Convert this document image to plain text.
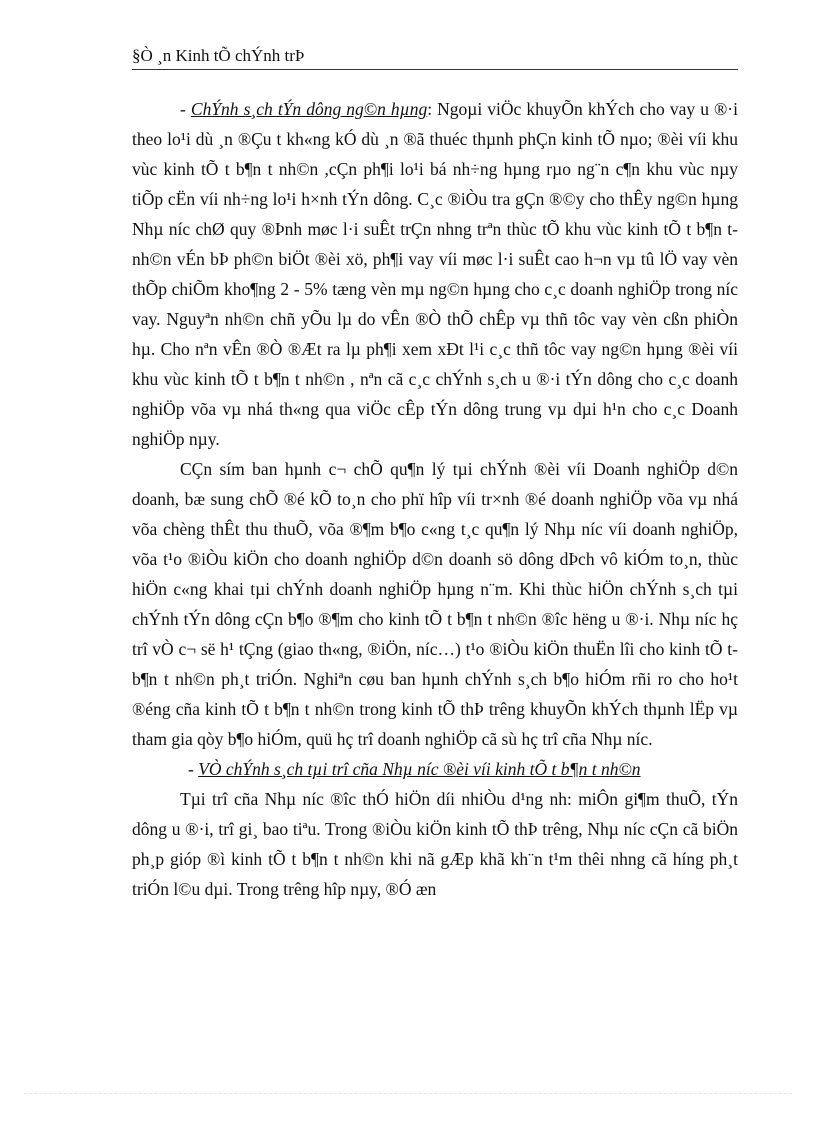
§Ò ¸n Kinh tÕ chÝnh trÞ

- ChÝnh s¸ch tÝn dông ng©n hµng: Ngoµi viÖc khuyÕn khÝch cho vay u ®·i theo lo¹i dù ¸n ®Çu t kh«ng kÓ dù ¸n ®ã thuéc thµnh phÇn kinh tÕ nµo; ®èi víi khu vùc kinh tÕ t b¶n t nh©n ,cÇn ph¶i lo¹i bá nh÷ng hµng rµo ng¨n c¶n khu vùc nµy tiÕp cËn víi nh÷ng lo¹i h×nh tÝn dông. C¸c ®iÒu tra gÇn ®©y cho thÊy ng©n hµng Nhµ níc chØ quy ®Þnh møc l·i suÊt trÇn nhng trªn thùc tÕ khu vùc kinh tÕ t b¶n t nh©n vÉn bÞ ph©n biÖt ®èi xö, ph¶i vay víi møc l·i suÊt cao h¬n vµ tû lÖ vay vèn thÕp chiÕm kho¶ng 2 - 5% tæng vèn mµ ng©n hµng cho c¸c doanh nghiÖp trong níc vay. Nguyªn nh©n chñ yÕu lµ do vÊn ®Ò thÕ chÊp vµ thñ tôc vay vèn cßn phiÒn hµ. Cho nªn vÊn ®Ò ®Æt ra lµ ph¶i xem xÐt l¹i c¸c thñ tôc vay ng©n hµng ®èi víi khu vùc kinh tÕ t b¶n t nh©n , nªn cã c¸c chÝnh s¸ch u ®·i tÝn dông cho c¸c doanh nghiÖp võa vµ nhá th«ng qua viÖc cÊp tÝn dông trung vµ dµi h¹n cho c¸c Doanh nghiÖp nµy.

CÇn sím ban hµnh c¬ chÕ qu¶n lý tµi chÝnh ®èi víi Doanh nghiÖp d©n doanh, bæ sung chÕ ®é kÕ to¸n cho phï hîp víi tr×nh ®é doanh nghiÖp võa vµ nhá võa chèng thÊt thu thuÕ, võa ®¶m b¶o c«ng t¸c qu¶n lý Nhµ níc víi doanh nghiÖp, võa t¹o ®iÒu kiÖn cho doanh nghiÖp d©n doanh sö dông dÞch vô kiÓm to¸n, thùc hiÖn c«ng khai tµi chÝnh doanh nghiÖp hµng n¨m. Khi thùc hiÖn chÝnh s¸ch tµi chÝnh tÝn dông cÇn b¶o ®¶m cho kinh tÕ t b¶n t nh©n ®îc hëng u ®·i. Nhµ níc hç trî vÒ c¬ së h¹ tÇng (giao th«ng, ®iÖn, níc…) t¹o ®iÒu kiÖn thuËn lîi cho kinh tÕ t b¶n t nh©n ph¸t triÓn. Nghiªn cøu ban hµnh chÝnh s¸ch b¶o hiÓm rñi ro cho ho¹t ®éng cña kinh tÕ t b¶n t nh©n trong kinh tÕ thÞ trêng khuyÕn khÝch thµnh lËp vµ tham gia qòy b¶o hiÓm, quü hç trî doanh nghiÖp cã sù hç trî cña Nhµ níc.

- VÒ chÝnh s¸ch tµi trî cña Nhµ níc ®èi víi kinh tÕ t b¶n t nh©n

Tµi trî cña Nhµ níc ®îc thÓ hiÖn díi nhiÒu d¹ng nh: miÔn gi¶m thuÕ, tÝn dông u ®·i, trî gi¸ bao tiªu. Trong ®iÒu kiÖn kinh tÕ thÞ trêng, Nhµ níc cÇn cã biÖn ph¸p gióp ®ì kinh tÕ t b¶n t nh©n khi nã gÆp khã kh¨n t¹m thêi nhng cã híng ph¸t triÓn l©u dµi. Trong trêng hîp nµy, ®Ó æn
